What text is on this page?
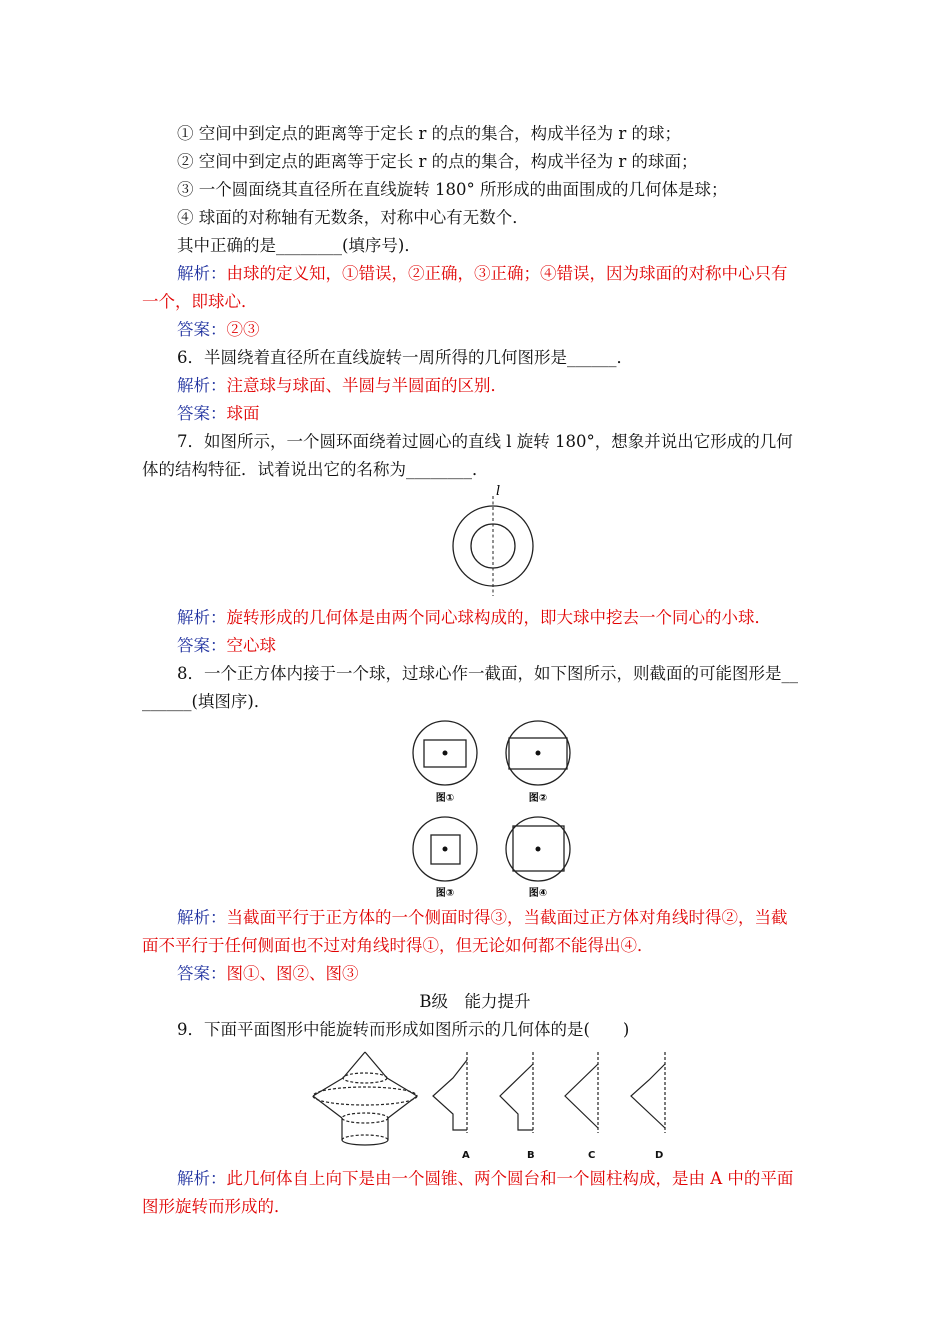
① 空间中到定点的距离等于定长 r 的点的集合，构成半径为 r 的球；
② 空间中到定点的距离等于定长 r 的点的集合，构成半径为 r 的球面；
③ 一个圆面绕其直径所在直线旋转 180° 所形成的曲面围成的几何体是球；
④ 球面的对称轴有无数条，对称中心有无数个．
其中正确的是________(填序号)．
解析：由球的定义知，①错误，②正确，③正确；④错误，因为球面的对称中心只有
一个，即球心．
答案：②③
6．半圆绕着直径所在直线旋转一周所得的几何图形是______．
解析：注意球与球面、半圆与半圆面的区别．
答案：球面
7．如图所示，一个圆环面绕着过圆心的直线 l 旋转 180°，想象并说出它形成的几何
体的结构特征．试着说出它的名称为________．
l
解析：旋转形成的几何体是由两个同心球构成的，即大球中挖去一个同心的小球．
答案：空心球
8．一个正方体内接于一个球，过球心作一截面，如下图所示，则截面的可能图形是__
______(填图序)．
图①	图②
图③	图④
解析：当截面平行于正方体的一个侧面时得③，当截面过正方体对角线时得②，当截
面不平行于任何侧面也不过对角线时得①，但无论如何都不能得出④．
答案：图①、图②、图③
B级　能力提升
9．下面平面图形中能旋转而形成如图所示的几何体的是(　　)
A	B	C	D
解析：此几何体自上向下是由一个圆锥、两个圆台和一个圆柱构成，是由 A 中的平面
图形旋转而形成的．
